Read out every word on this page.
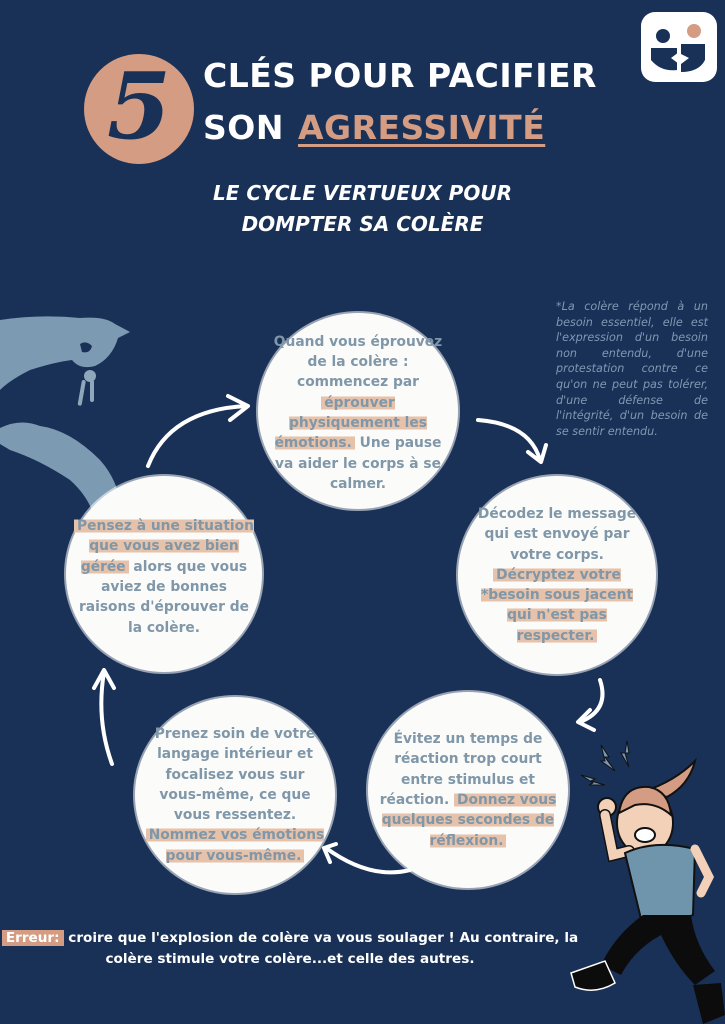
5 CLÉS POUR PACIFIER
SON AGRESSIVITÉ
LE CYCLE VERTUEUX POUR
DOMPTER SA COLÈRE
*La colère répond à un besoin essentiel, elle est l'expression d'un besoin non entendu, d'une protestation contre ce qu'on ne peut pas tolérer, d'une défense de l'intégrité, d'un besoin de se sentir entendu.

Quand vous éprouvez de la colère : commencez par éprouver physiquement les émotions. Une pause va aider le corps à se calmer.

Décodez le message qui est envoyé par votre corps. Décryptez votre *besoin sous jacent qui n'est pas respecter.

Évitez un temps de réaction trop court entre stimulus et réaction. Donnez vous quelques secondes de réflexion.

Prenez soin de votre langage intérieur et focalisez vous sur vous-même, ce que vous ressentez. Nommez vos émotions pour vous-même.

Pensez à une situation que vous avez bien gérée alors que vous aviez de bonnes raisons d'éprouver de la colère.

Erreur: croire que l'explosion de colère va vous soulager ! Au contraire, la colère stimule votre colère...et celle des autres.
